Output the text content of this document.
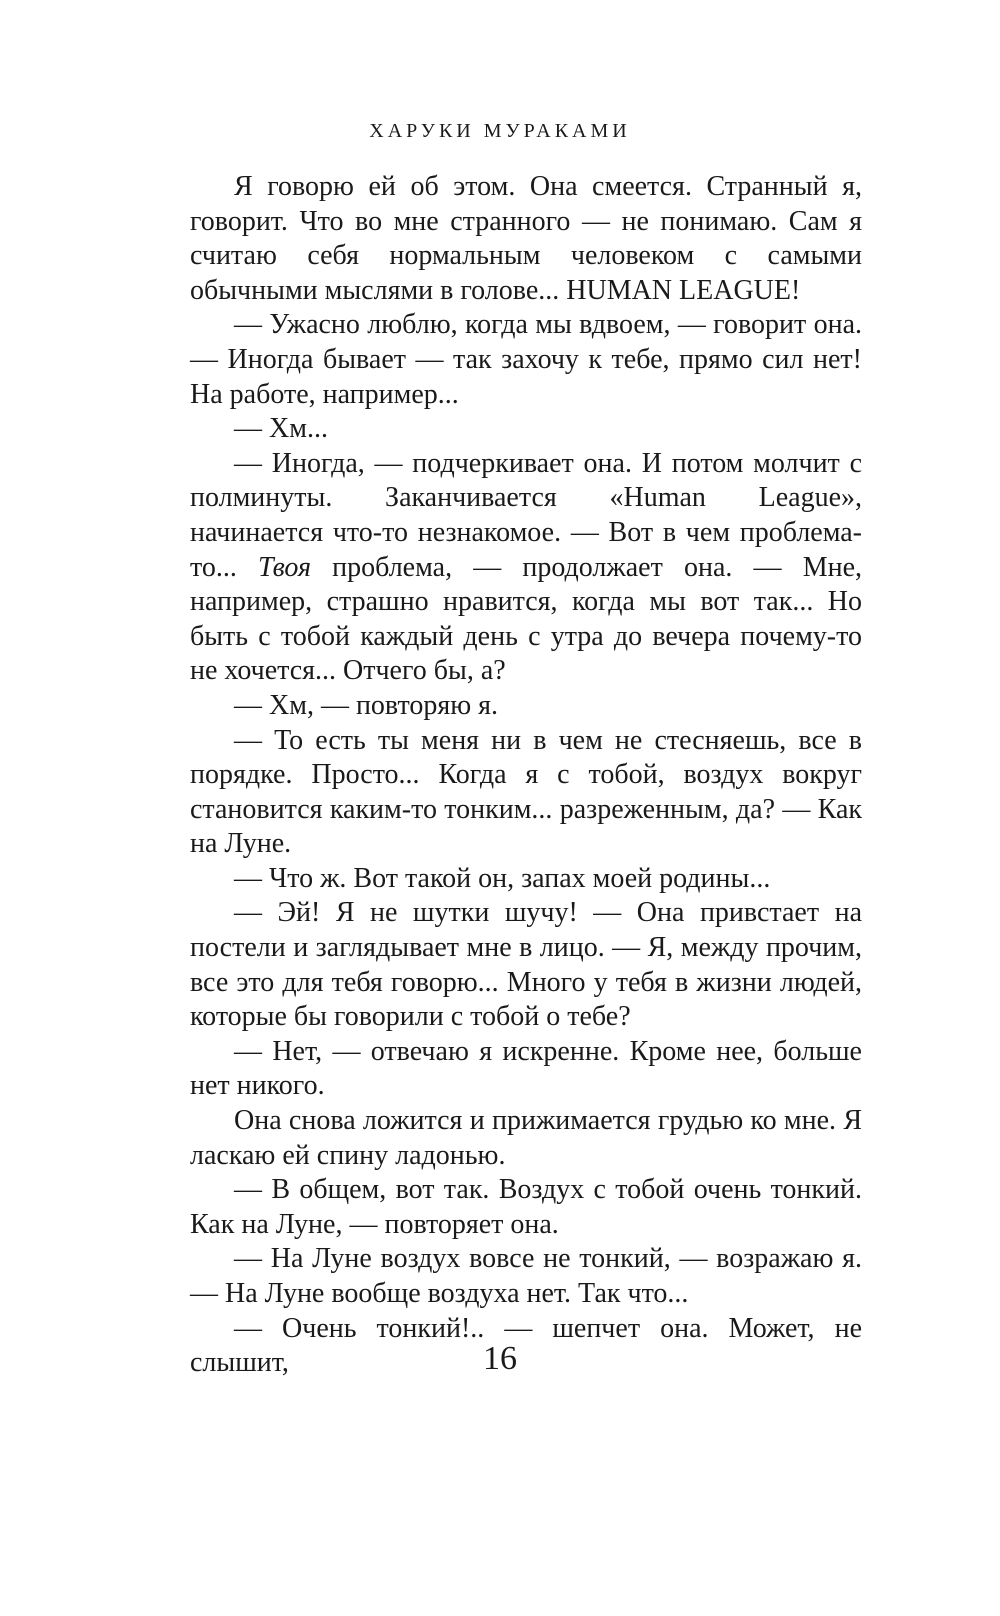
ХАРУКИ МУРАКАМИ

Я говорю ей об этом. Она смеется. Странный я, говорит. Что во мне странного — не понимаю. Сам я считаю себя нормальным человеком с самыми обычными мыслями в голове... HUMAN LEAGUE!

— Ужасно люблю, когда мы вдвоем, — говорит она. — Иногда бывает — так захочу к тебе, прямо сил нет! На работе, например...

— Хм...

— Иногда, — подчеркивает она. И потом молчит с полминуты. Заканчивается «Human League», начинается что-то незнакомое. — Вот в чем проблема-то... Твоя проблема, — продолжает она. — Мне, например, страшно нравится, когда мы вот так... Но быть с тобой каждый день с утра до вечера почему-то не хочется... Отчего бы, а?

— Хм, — повторяю я.

— То есть ты меня ни в чем не стесняешь, все в порядке. Просто... Когда я с тобой, воздух вокруг становится каким-то тонким... разреженным, да? — Как на Луне.

— Что ж. Вот такой он, запах моей родины...

— Эй! Я не шутки шучу! — Она привстает на постели и заглядывает мне в лицо. — Я, между прочим, все это для тебя говорю... Много у тебя в жизни людей, которые бы говорили с тобой о тебе?

— Нет, — отвечаю я искренне. Кроме нее, больше нет никого.

Она снова ложится и прижимается грудью ко мне. Я ласкаю ей спину ладонью.

— В общем, вот так. Воздух с тобой очень тонкий. Как на Луне, — повторяет она.

— На Луне воздух вовсе не тонкий, — возражаю я. — На Луне вообще воздуха нет. Так что...

— Очень тонкий!.. — шепчет она. Может, не слышит,	16
